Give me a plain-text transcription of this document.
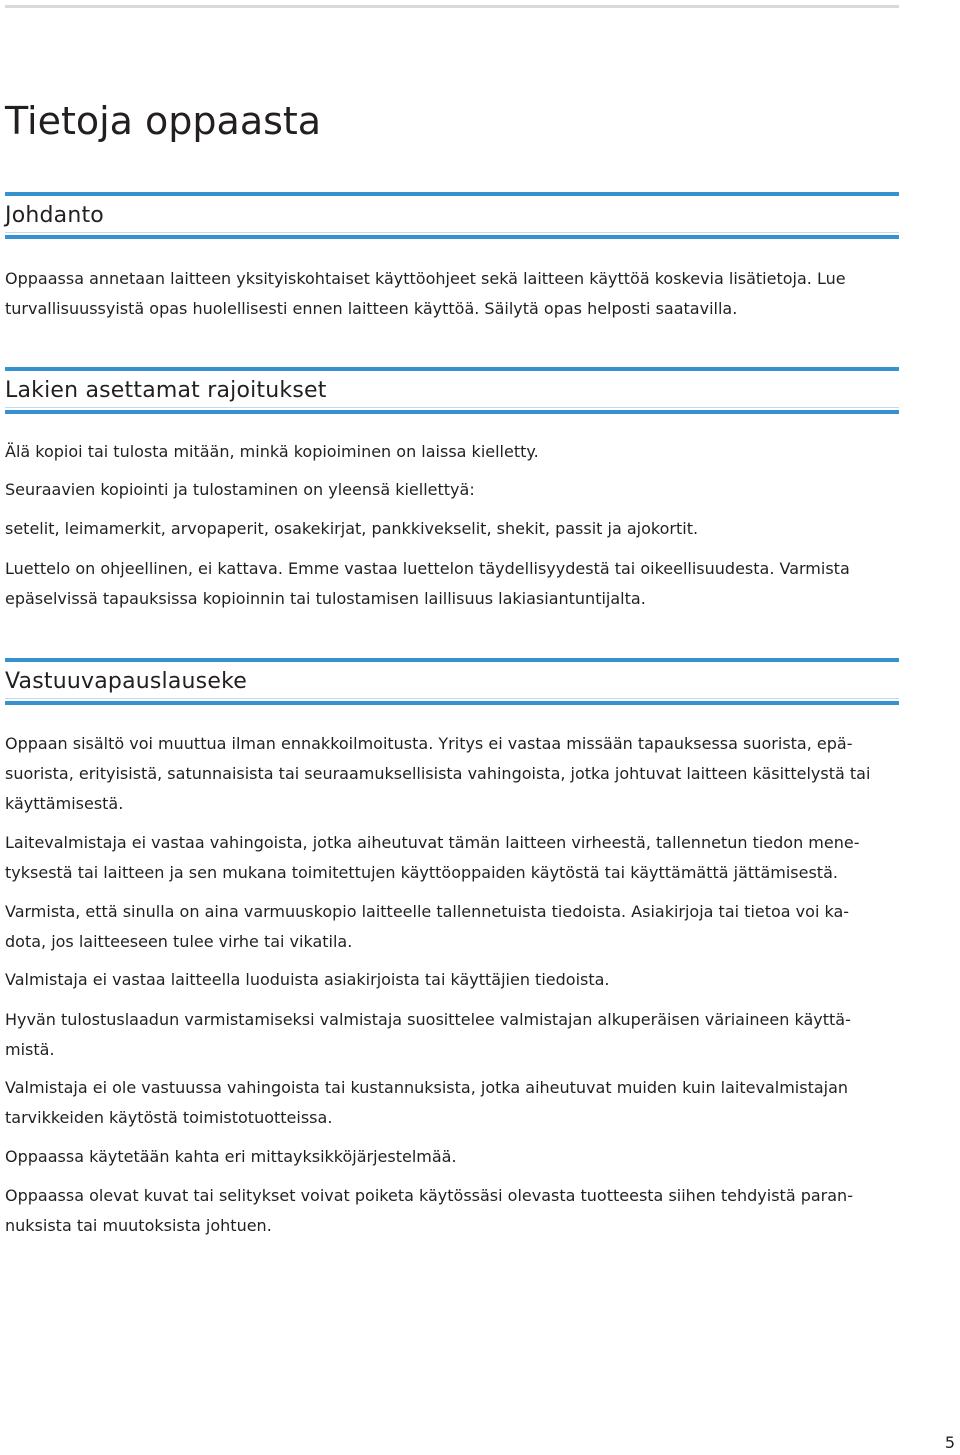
Tietoja oppaasta
Johdanto

Oppaassa annetaan laitteen yksityiskohtaiset käyttöohjeet sekä laitteen käyttöä koskevia lisätietoja. Lue

turvallisuussyistä opas huolellisesti ennen laitteen käyttöä. Säilytä opas helposti saatavilla.

Lakien asettamat rajoitukset

Älä kopioi tai tulosta mitään, minkä kopioiminen on laissa kielletty.

Seuraavien kopiointi ja tulostaminen on yleensä kiellettyä:

setelit, leimamerkit, arvopaperit, osakekirjat, pankkivekselit, shekit, passit ja ajokortit.

Luettelo on ohjeellinen, ei kattava. Emme vastaa luettelon täydellisyydestä tai oikeellisuudesta. Varmista

epäselvissä tapauksissa kopioinnin tai tulostamisen laillisuus lakiasiantuntijalta.

Vastuuvapauslauseke

Oppaan sisältö voi muuttua ilman ennakkoilmoitusta. Yritys ei vastaa missään tapauksessa suorista, epä-

suorista, erityisistä, satunnaisista tai seuraamuksellisista vahingoista, jotka johtuvat laitteen käsittelystä tai

käyttämisestä.

Laitevalmistaja ei vastaa vahingoista, jotka aiheutuvat tämän laitteen virheestä, tallennetun tiedon mene-

tyksestä tai laitteen ja sen mukana toimitettujen käyttöoppaiden käytöstä tai käyttämättä jättämisestä.

Varmista, että sinulla on aina varmuuskopio laitteelle tallennetuista tiedoista. Asiakirjoja tai tietoa voi ka-

dota, jos laitteeseen tulee virhe tai vikatila.

Valmistaja ei vastaa laitteella luoduista asiakirjoista tai käyttäjien tiedoista.

Hyvän tulostuslaadun varmistamiseksi valmistaja suosittelee valmistajan alkuperäisen väriaineen käyttä-

mistä.

Valmistaja ei ole vastuussa vahingoista tai kustannuksista, jotka aiheutuvat muiden kuin laitevalmistajan

tarvikkeiden käytöstä toimistotuotteissa.

Oppaassa käytetään kahta eri mittayksikköjärjestelmää.

Oppaassa olevat kuvat tai selitykset voivat poiketa käytössäsi olevasta tuotteesta siihen tehdyistä paran-

nuksista tai muutoksista johtuen.

5
